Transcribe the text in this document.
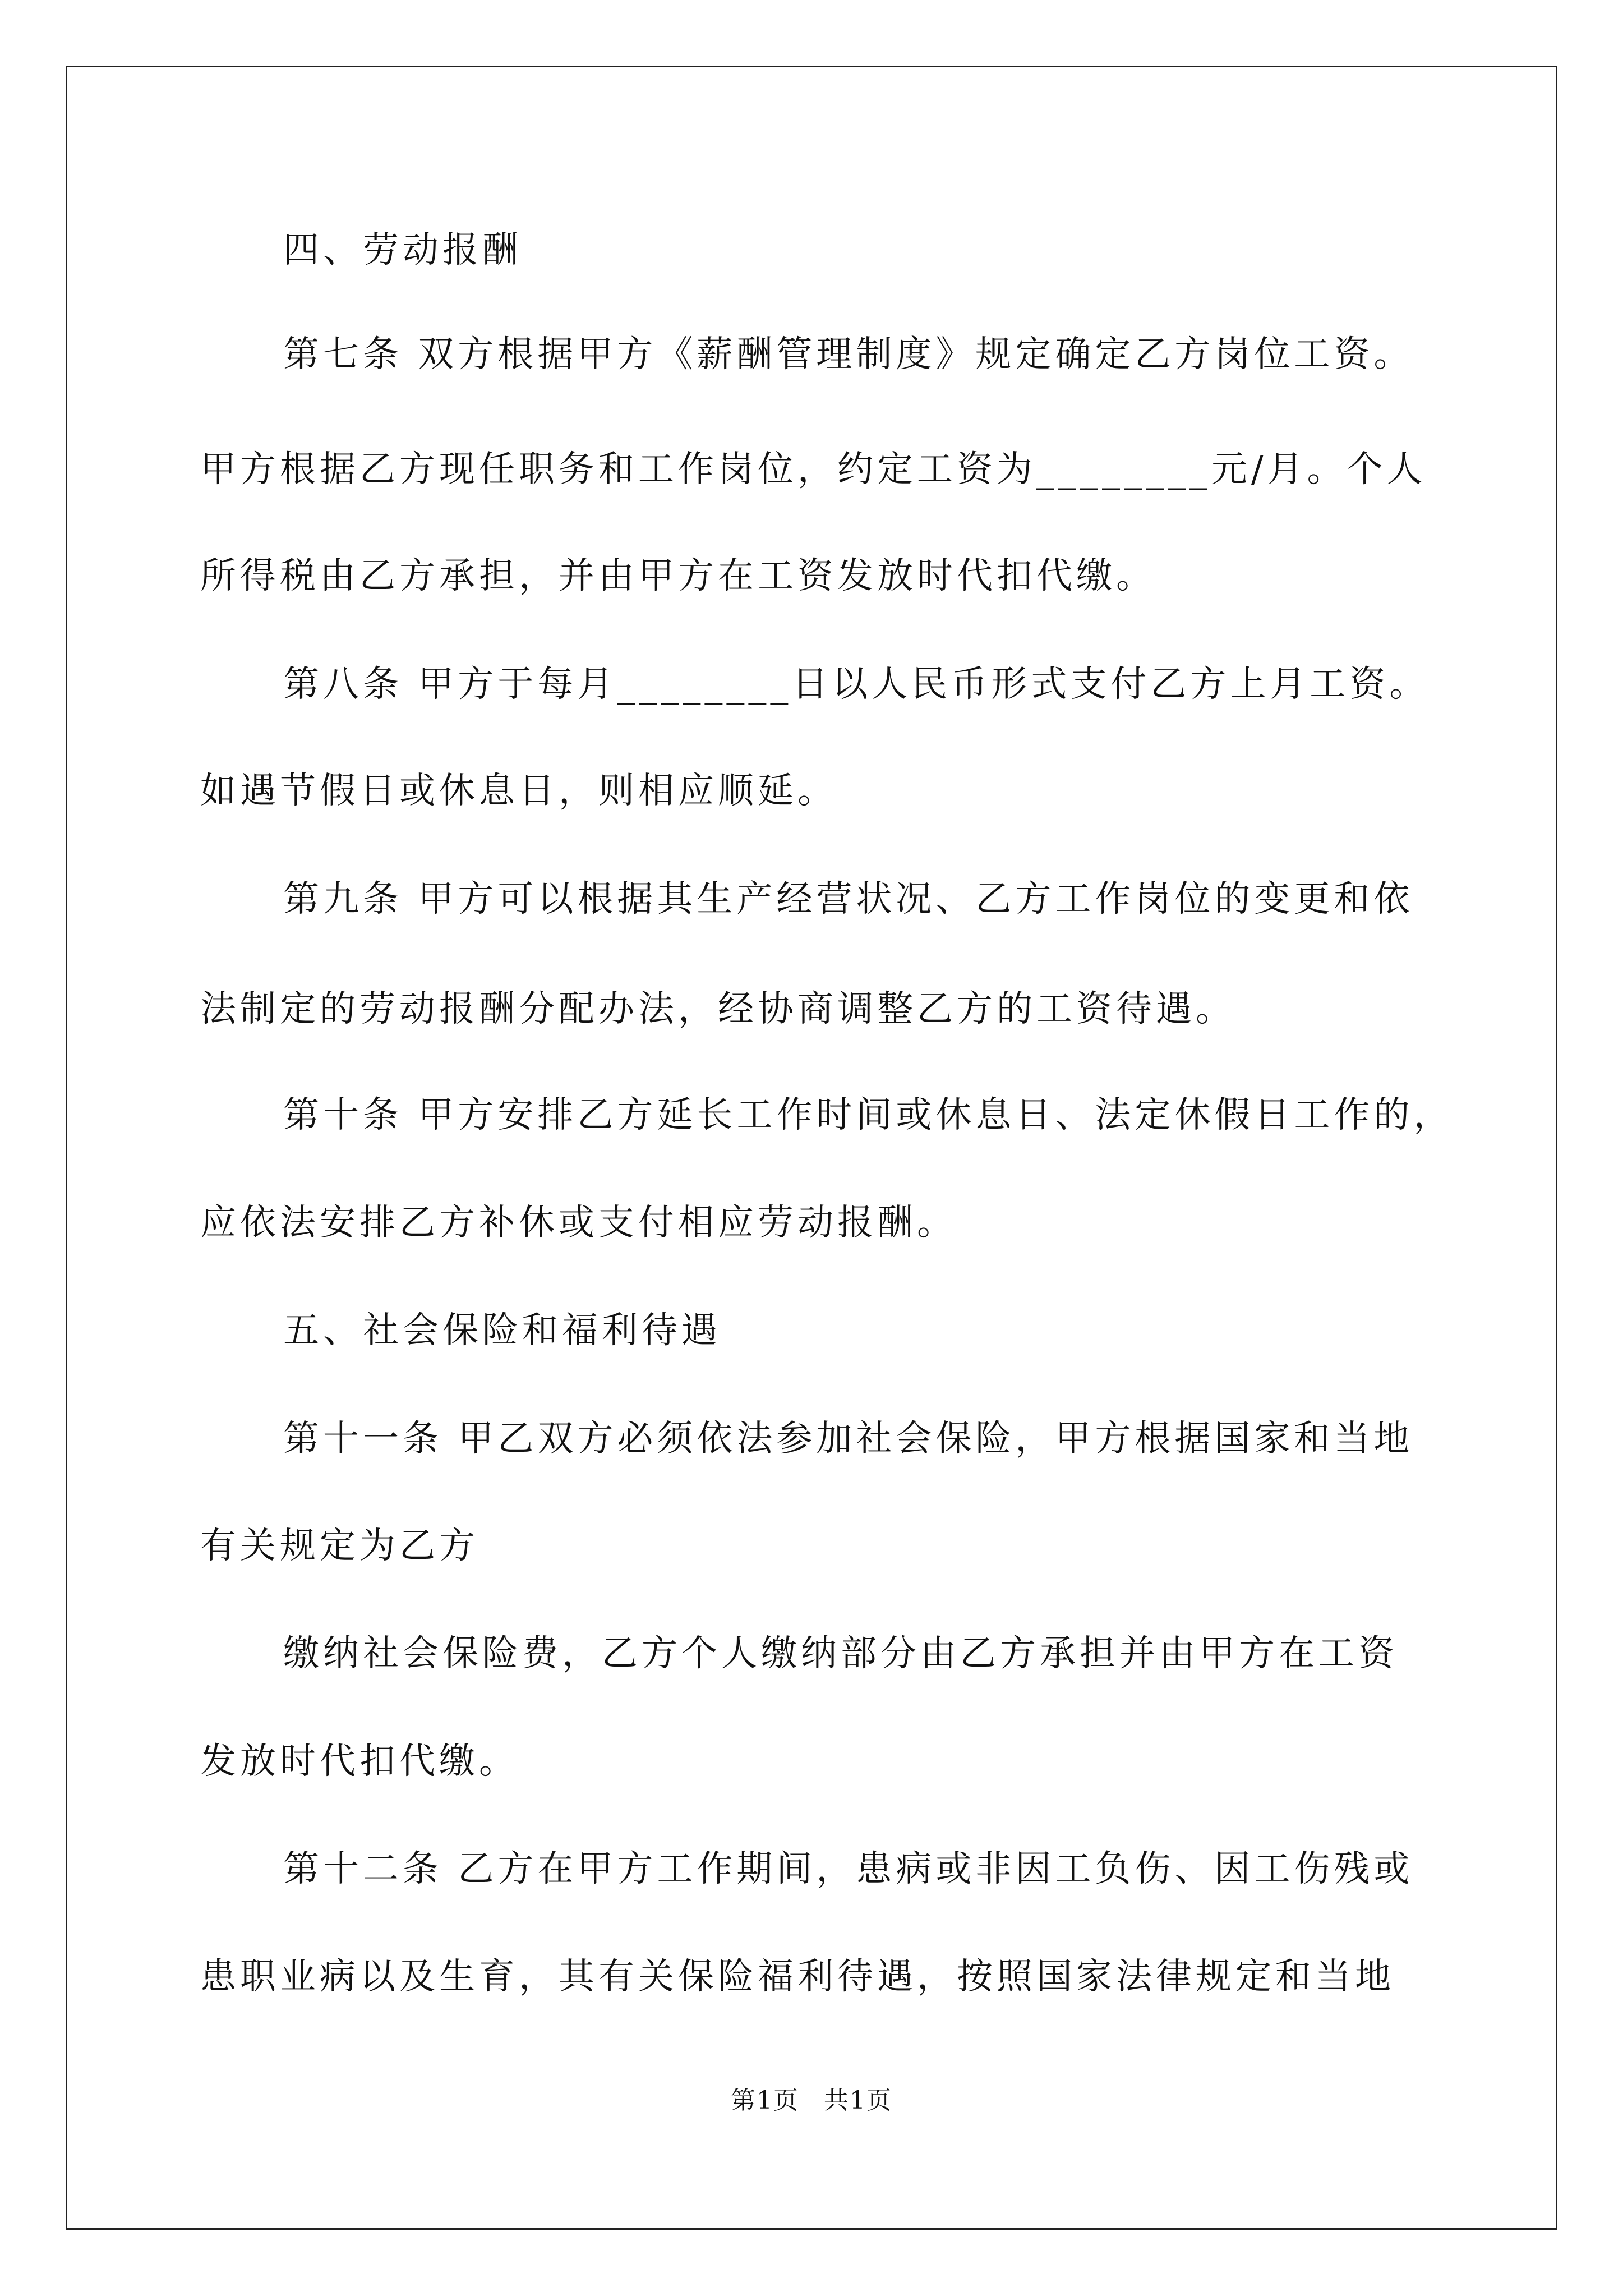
四、劳动报酬

第七条 双方根据甲方《薪酬管理制度》规定确定乙方岗位工资。

甲方根据乙方现任职务和工作岗位，约定工资为________元/月。个人

所得税由乙方承担，并由甲方在工资发放时代扣代缴。

第八条 甲方于每月________日以人民币形式支付乙方上月工资。

如遇节假日或休息日，则相应顺延。

第九条 甲方可以根据其生产经营状况、乙方工作岗位的变更和依

法制定的劳动报酬分配办法，经协商调整乙方的工资待遇。

第十条 甲方安排乙方延长工作时间或休息日、法定休假日工作的，

应依法安排乙方补休或支付相应劳动报酬。

五、社会保险和福利待遇

第十一条 甲乙双方必须依法参加社会保险，甲方根据国家和当地

有关规定为乙方

缴纳社会保险费，乙方个人缴纳部分由乙方承担并由甲方在工资

发放时代扣代缴。

第十二条 乙方在甲方工作期间，患病或非因工负伤、因工伤残或

患职业病以及生育，其有关保险福利待遇，按照国家法律规定和当地

第1页 共1页
